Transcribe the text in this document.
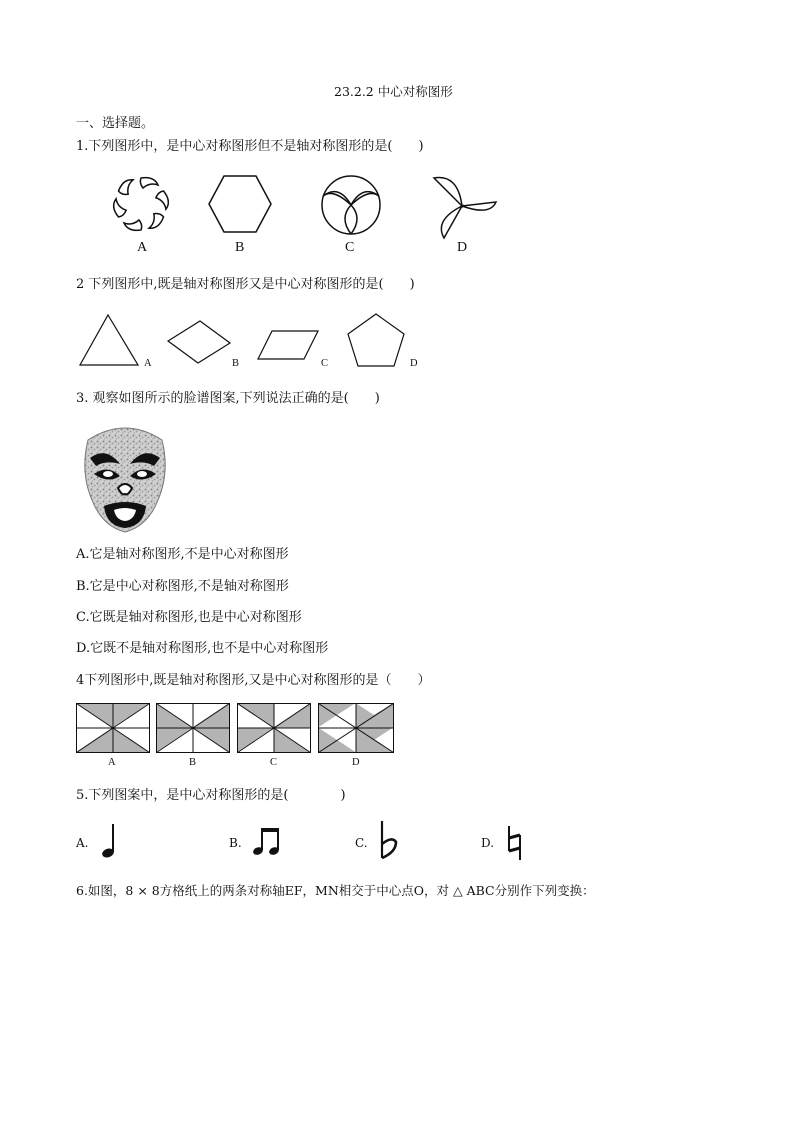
23.2.2 中心对称图形
一、选择题。
1.下列图形中，是中心对称图形但不是轴对称图形的是(　　)
A	B	C	D
2 下列图形中,既是轴对称图形又是中心对称图形的是(　　)
A	B	C	D
3. 观察如图所示的脸谱图案,下列说法正确的是(　　)
A.它是轴对称图形,不是中心对称图形
B.它是中心对称图形,不是轴对称图形
C.它既是轴对称图形,也是中心对称图形
D.它既不是轴对称图形,也不是中心对称图形
4下列图形中,既是轴对称图形,又是中心对称图形的是（　　）
A	B	C	D
5.下列图案中，是中心对称图形的是(　　　　)
A.	B.	C.	D.
6.如图，8 × 8方格纸上的两条对称轴EF，MN相交于中心点O，对 △ ABC分别作下列变换：
